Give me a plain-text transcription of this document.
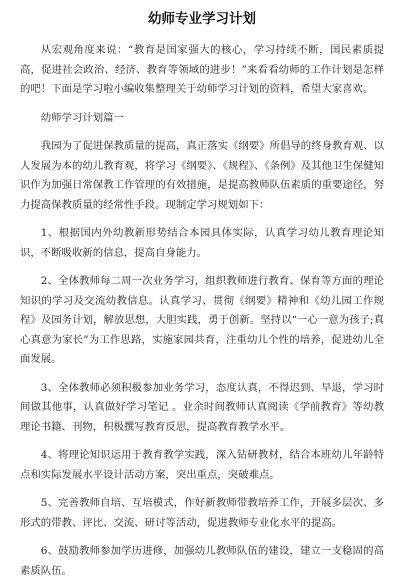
幼师专业学习计划

从宏观角度来说：“教育是国家强大的核心，学习持续不断，国民素质提高，促进社会政治、经济、教育等领域的进步！”来看看幼师的工作计划是怎样的吧！下面是学习啦小编收集整理关于幼师学习计划的资料，希望大家喜欢。

幼师学习计划篇一

我园为了促进保教质量的提高，真正落实《纲要》所倡导的终身教育观、以人发展为本的幼儿教育观，将学习《纲要》、《规程》、《条例》及其他卫生保健知识作为加强日常保教工作管理的有效措施，是提高教师队伍素质的重要途径，努力提高保教质量的经常性手段。现制定学习规划如下：

1、根据国内外幼教新形势结合本园具体实际，认真学习幼儿教育理论知识，不断吸收新的信息，提高自身能力。

2、全体教师每二周一次业务学习，组织教师进行教育、保育等方面的理论知识的学习及交流幼教信息。认真学习、贯彻《纲要》精神和《幼儿园工作规程》及园务计划，解放思想，大胆实践，勇于创新。坚持以“一心一意为孩子;真心真意为家长”为工作思路，实施家园共育，注重幼儿个性的培养，促进幼儿全面发展。

3、全体教师必须积极参加业务学习，态度认真，不得迟到、早退，学习时间做其他事，认真做好学习笔记 。业余时间教师认真阅读《学前教育》等幼教理论书籍、刊物，积极撰写教育反思，提高教育教学水平。

4、将理论知识运用于教育教学实践，深入钻研教材，结合本班幼儿年龄特点和实际发展水平设计活动方案，突出重点，突破难点。

5、完善教师自培、互培模式，作好新教师带教培养工作，开展多层次、多形式的带教、评比、交流、研讨等活动，促进教师专业化水平的提高。

6、鼓励教师参加学历进修，加强幼儿教师队伍的建设，建立一支稳固的高素质队伍。
